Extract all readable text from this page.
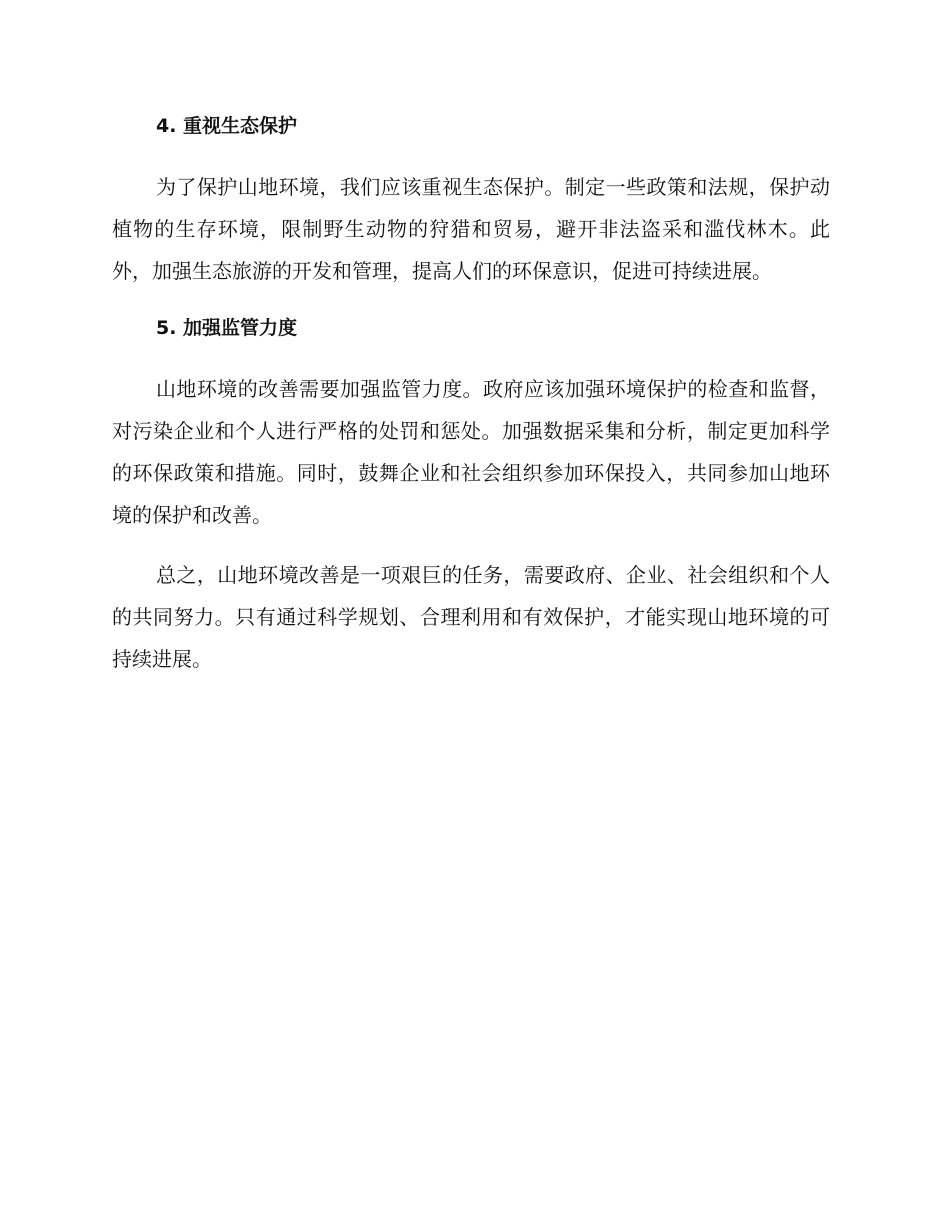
4. 重视生态保护

为了保护山地环境，我们应该重视生态保护。制定一些政策和法规，保护动植物的生存环境，限制野生动物的狩猎和贸易，避开非法盗采和滥伐林木。此外，加强生态旅游的开发和管理，提高人们的环保意识，促进可持续进展。

5. 加强监管力度

山地环境的改善需要加强监管力度。政府应该加强环境保护的检查和监督，对污染企业和个人进行严格的处罚和惩处。加强数据采集和分析，制定更加科学的环保政策和措施。同时，鼓舞企业和社会组织参加环保投入，共同参加山地环境的保护和改善。

总之，山地环境改善是一项艰巨的任务，需要政府、企业、社会组织和个人的共同努力。只有通过科学规划、合理利用和有效保护，才能实现山地环境的可持续进展。
